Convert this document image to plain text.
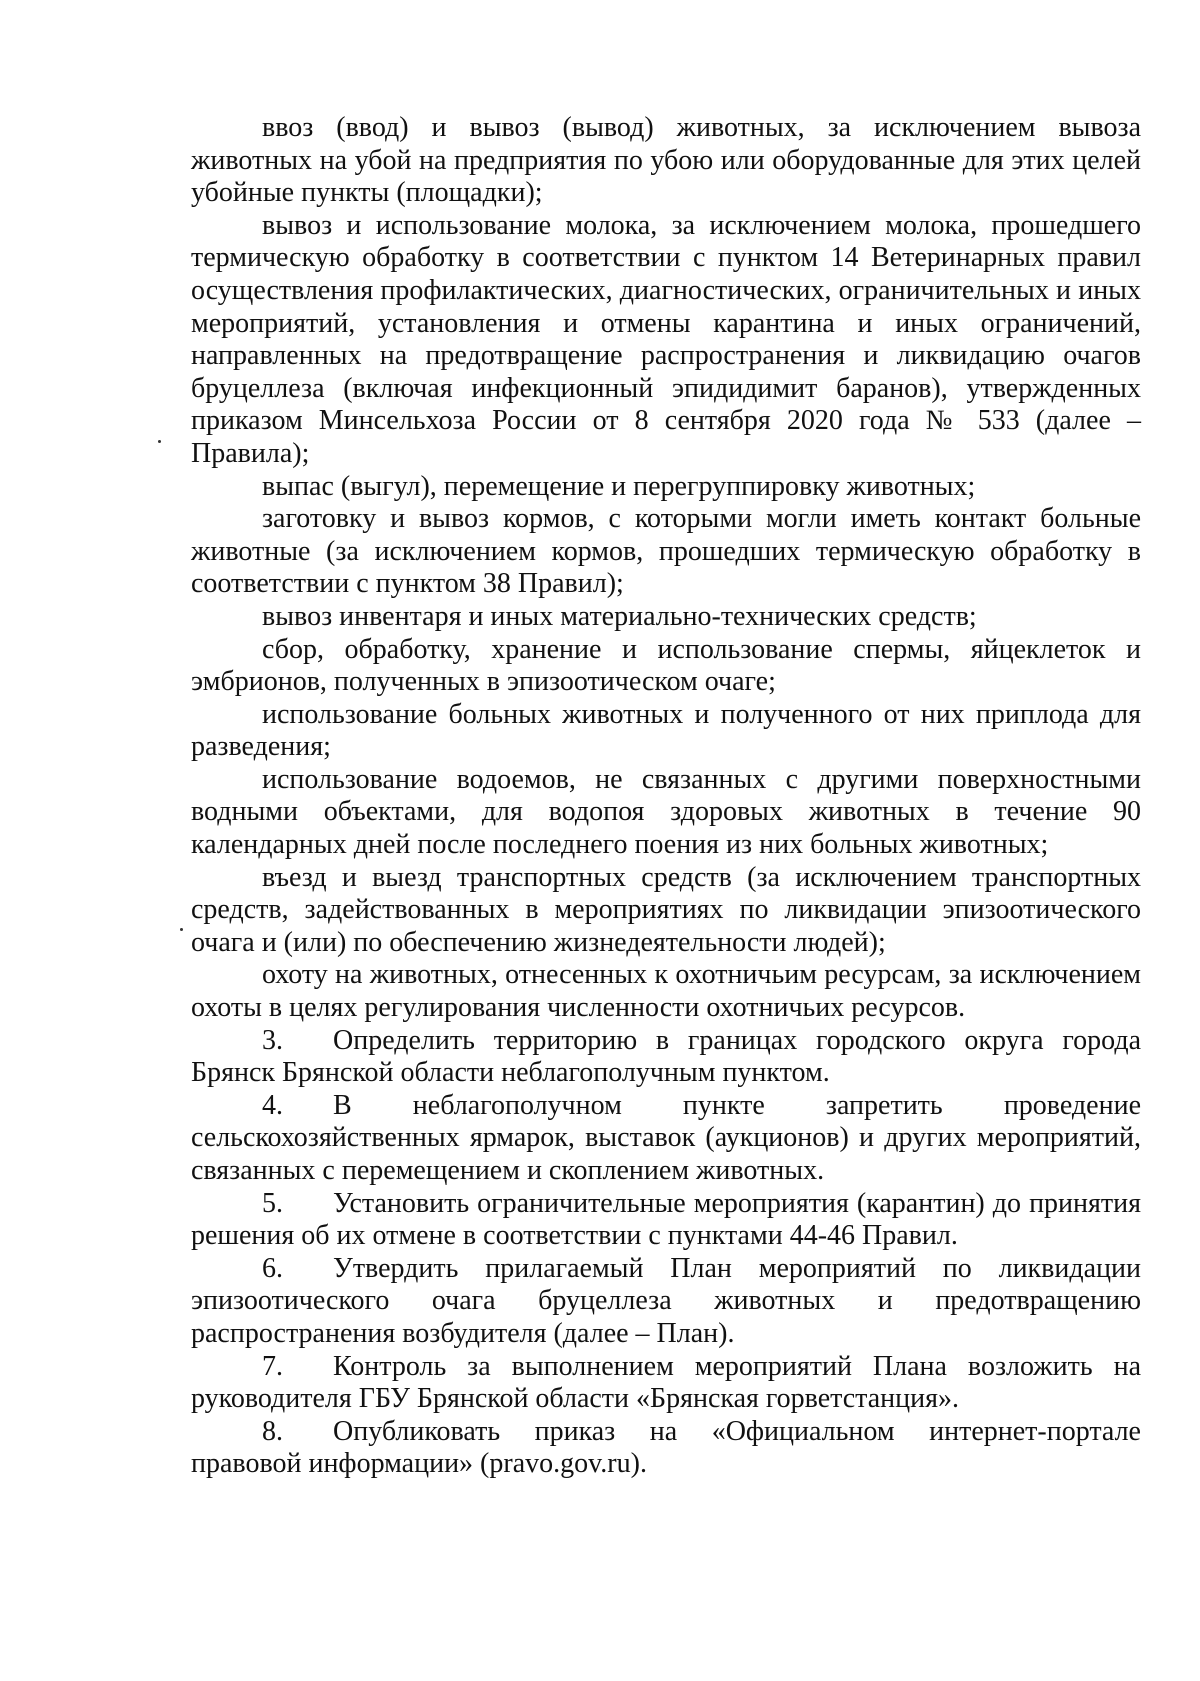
ввоз (ввод) и вывоз (вывод) животных, за исключением вывоза животных на убой на предприятия по убою или оборудованные для этих целей убойные пункты (площадки);

вывоз и использование молока, за исключением молока, прошедшего термическую обработку в соответствии с пунктом 14 Ветеринарных правил осуществления профилактических, диагностических, ограничительных и иных мероприятий, установления и отмены карантина и иных ограничений, направленных на предотвращение распространения и ликвидацию очагов бруцеллеза (включая инфекционный эпидидимит баранов), утвержденных приказом Минсельхоза России от 8 сентября 2020 года № 533 (далее – Правила);

выпас (выгул), перемещение и перегруппировку животных;

заготовку и вывоз кормов, с которыми могли иметь контакт больные животные (за исключением кормов, прошедших термическую обработку в соответствии с пунктом 38 Правил);

вывоз инвентаря и иных материально-технических средств;

сбор, обработку, хранение и использование спермы, яйцеклеток и эмбрионов, полученных в эпизоотическом очаге;

использование больных животных и полученного от них приплода для разведения;

использование водоемов, не связанных с другими поверхностными водными объектами, для водопоя здоровых животных в течение 90 календарных дней после последнего поения из них больных животных;

въезд и выезд транспортных средств (за исключением транспортных средств, задействованных в мероприятиях по ликвидации эпизоотического очага и (или) по обеспечению жизнедеятельности людей);

охоту на животных, отнесенных к охотничьим ресурсам, за исключением охоты в целях регулирования численности охотничьих ресурсов.

3. Определить территорию в границах городского округа города Брянск Брянской области неблагополучным пунктом.

4. В неблагополучном пункте запретить проведение сельскохозяйственных ярмарок, выставок (аукционов) и других мероприятий, связанных с перемещением и скоплением животных.

5. Установить ограничительные мероприятия (карантин) до принятия решения об их отмене в соответствии с пунктами 44-46 Правил.

6. Утвердить прилагаемый План мероприятий по ликвидации эпизоотического очага бруцеллеза животных и предотвращению распространения возбудителя (далее – План).

7. Контроль за выполнением мероприятий Плана возложить на руководителя ГБУ Брянской области «Брянская горветстанция».

8. Опубликовать приказ на «Официальном интернет-портале правовой информации» (pravo.gov.ru).
